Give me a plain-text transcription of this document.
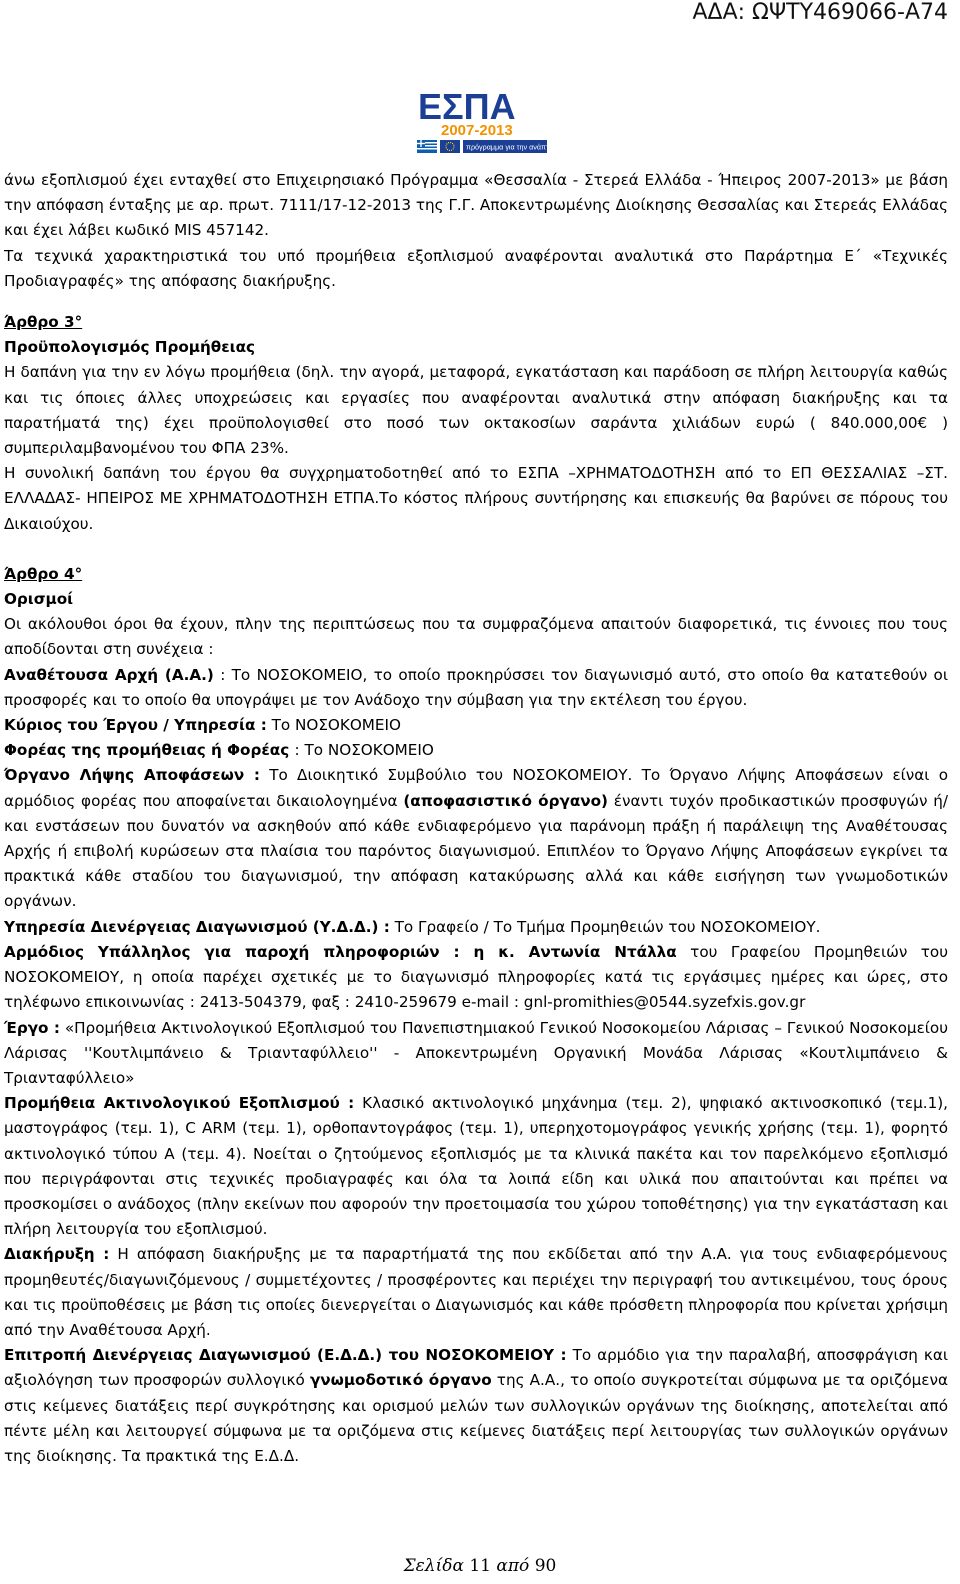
ΑΔΑ: ΩΨΤΥ469066-Α74
ΕΣΠΑ
2007-2013
πρόγραμμα για την ανάπτυξη

άνω εξοπλισμού έχει ενταχθεί στο Επιχειρησιακό Πρόγραμμα «Θεσσαλία - Στερεά Ελλάδα - Ήπειρος 2007-2013» με βάση την απόφαση ένταξης με αρ. πρωτ. 7111/17-12-2013 της Γ.Γ. Αποκεντρωμένης Διοίκησης Θεσσαλίας και Στερεάς Ελλάδας και έχει λάβει κωδικό MIS 457142.

Τα τεχνικά χαρακτηριστικά του υπό προμήθεια εξοπλισμού αναφέρονται αναλυτικά στο Παράρτημα Ε΄ «Τεχνικές Προδιαγραφές» της απόφασης διακήρυξης.

Άρθρο 3°

Προϋπολογισμός Προμήθειας

Η δαπάνη για την εν λόγω προμήθεια (δηλ. την αγορά, μεταφορά, εγκατάσταση και παράδοση σε πλήρη λειτουργία καθώς και τις όποιες άλλες υποχρεώσεις και εργασίες που αναφέρονται αναλυτικά στην απόφαση διακήρυξης και τα παρατήματά της) έχει προϋπολογισθεί στο ποσό των οκτακοσίων σαράντα χιλιάδων ευρώ ( 840.000,00€ ) συμπεριλαμβανομένου του ΦΠΑ 23%.

Η συνολική δαπάνη του έργου θα συγχρηματοδοτηθεί από το ΕΣΠΑ –ΧΡΗΜΑΤΟΔΟΤΗΣΗ από το ΕΠ ΘΕΣΣΑΛΙΑΣ –ΣΤ. ΕΛΛΑΔΑΣ- ΗΠΕΙΡΟΣ ΜΕ ΧΡΗΜΑΤΟΔΟΤΗΣΗ ΕΤΠΑ.Το κόστος πλήρους συντήρησης και επισκευής θα βαρύνει σε πόρους του Δικαιούχου.

Άρθρο 4°

Ορισμοί

Οι ακόλουθοι όροι θα έχουν, πλην της περιπτώσεως που τα συμφραζόμενα απαιτούν διαφορετικά, τις έννοιες που τους αποδίδονται στη συνέχεια :

Αναθέτουσα Αρχή (Α.Α.) : Το ΝΟΣΟΚΟΜΕΙΟ, το οποίο προκηρύσσει τον διαγωνισμό αυτό, στο οποίο θα κατατεθούν οι προσφορές και το οποίο θα υπογράψει με τον Ανάδοχο την σύμβαση για την εκτέλεση του έργου.

Κύριος του Έργου / Υπηρεσία : Το ΝΟΣΟΚΟΜΕΙΟ

Φορέας της προμήθειας ή Φορέας : Το ΝΟΣΟΚΟΜΕΙΟ

Όργανο Λήψης Αποφάσεων : Το Διοικητικό Συμβούλιο του ΝΟΣΟΚΟΜΕΙΟΥ. Το Όργανο Λήψης Αποφάσεων είναι ο αρμόδιος φορέας που αποφαίνεται δικαιολογημένα (αποφασιστικό όργανο) έναντι τυχόν προδικαστικών προσφυγών ή/και ενστάσεων που δυνατόν να ασκηθούν από κάθε ενδιαφερόμενο για παράνομη πράξη ή παράλειψη της Αναθέτουσας Αρχής ή επιβολή κυρώσεων στα πλαίσια του παρόντος διαγωνισμού. Επιπλέον το Όργανο Λήψης Αποφάσεων εγκρίνει τα πρακτικά κάθε σταδίου του διαγωνισμού, την απόφαση κατακύρωσης αλλά και κάθε εισήγηση των γνωμοδοτικών οργάνων.

Υπηρεσία Διενέργειας Διαγωνισμού (Υ.Δ.Δ.) : Το Γραφείο / Το Τμήμα Προμηθειών του ΝΟΣΟΚΟΜΕΙΟΥ.

Αρμόδιος Υπάλληλος για παροχή πληροφοριών : η κ. Αντωνία Ντάλλα του Γραφείου Προμηθειών του ΝΟΣΟΚΟΜΕΙΟΥ, η οποία παρέχει σχετικές με το διαγωνισμό πληροφορίες κατά τις εργάσιμες ημέρες και ώρες, στο τηλέφωνο επικοινωνίας : 2413-504379, φαξ : 2410-259679 e-mail : gnl-promithies@0544.syzefxis.gov.gr

Έργο : «Προμήθεια Ακτινολογικού Εξοπλισμού του Πανεπιστημιακού Γενικού Νοσοκομείου Λάρισας – Γενικού Νοσοκομείου Λάρισας ''Κουτλιμπάνειο & Τριανταφύλλειο'' - Αποκεντρωμένη Οργανική Μονάδα Λάρισας «Κουτλιμπάνειο & Τριανταφύλλειο»

Προμήθεια Ακτινολογικού Εξοπλισμού : Κλασικό ακτινολογικό μηχάνημα (τεμ. 2), ψηφιακό ακτινοσκοπικό (τεμ.1), μαστογράφος (τεμ. 1), C ARM (τεμ. 1), ορθοπαντογράφος (τεμ. 1), υπερηχοτομογράφος γενικής χρήσης (τεμ. 1), φορητό ακτινολογικό τύπου Α (τεμ. 4). Νοείται ο ζητούμενος εξοπλισμός με τα κλινικά πακέτα και τον παρελκόμενο εξοπλισμό που περιγράφονται στις τεχνικές προδιαγραφές και όλα τα λοιπά είδη και υλικά που απαιτούνται και πρέπει να προσκομίσει ο ανάδοχος (πλην εκείνων που αφορούν την προετοιμασία του χώρου τοποθέτησης) για την εγκατάσταση και πλήρη λειτουργία του εξοπλισμού.

Διακήρυξη : Η απόφαση διακήρυξης με τα παραρτήματά της που εκδίδεται από την Α.Α. για τους ενδιαφερόμενους προμηθευτές/διαγωνιζόμενους / συμμετέχοντες / προσφέροντες και περιέχει την περιγραφή του αντικειμένου, τους όρους και τις προϋποθέσεις με βάση τις οποίες διενεργείται ο Διαγωνισμός και κάθε πρόσθετη πληροφορία που κρίνεται χρήσιμη από την Αναθέτουσα Αρχή.

Επιτροπή Διενέργειας Διαγωνισμού (Ε.Δ.Δ.) του ΝΟΣΟΚΟΜΕΙΟΥ : Το αρμόδιο για την παραλαβή, αποσφράγιση και αξιολόγηση των προσφορών συλλογικό γνωμοδοτικό όργανο της Α.Α., το οποίο συγκροτείται σύμφωνα με τα οριζόμενα στις κείμενες διατάξεις περί συγκρότησης και ορισμού μελών των συλλογικών οργάνων της διοίκησης, αποτελείται από πέντε μέλη και λειτουργεί σύμφωνα με τα οριζόμενα στις κείμενες διατάξεις περί λειτουργίας των συλλογικών οργάνων της διοίκησης. Τα πρακτικά της Ε.Δ.Δ.

Σελίδα 11 από 90
